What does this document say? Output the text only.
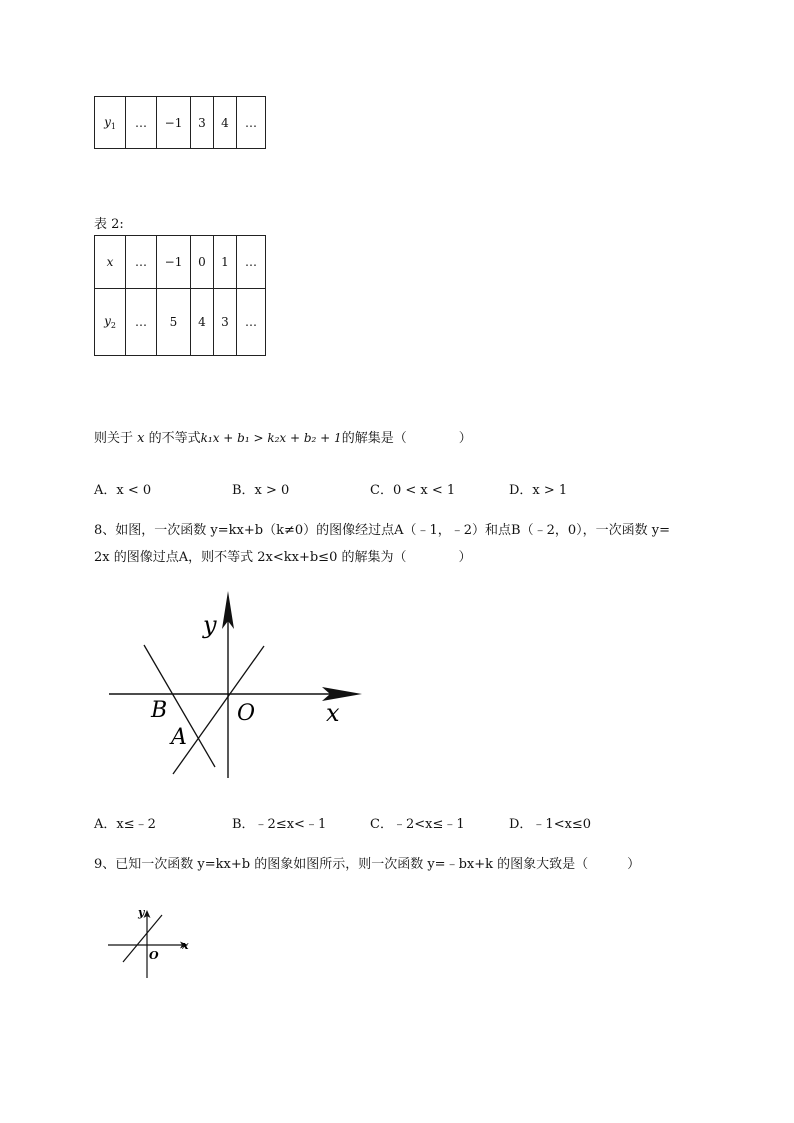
$y_1$	…	−1	3	4	…
表 2:
x	…	−1	0	1	…
$y_2$	…	5	4	3	…
则关于 x 的不等式k₁x + b₁ > k₂x + b₂ + 1的解集是（　　　　）
A．x < 0	B．x > 0	C．0 < x < 1	D．x > 1
8、如图，一次函数 y=kx+b（k≠0）的图像经过点A（﹣1，﹣2）和点B（﹣2，0），一次函数 y=
2x 的图像过点A，则不等式 2x<kx+b≤0 的解集为（　　　　）
y
x
O
B
A
A．x≤﹣2	B．﹣2≤x<﹣1	C．﹣2<x≤﹣1	D．﹣1<x≤0
9、已知一次函数 y=kx+b 的图象如图所示，则一次函数 y=﹣bx+k 的图象大致是（　　　）
y
x
O
